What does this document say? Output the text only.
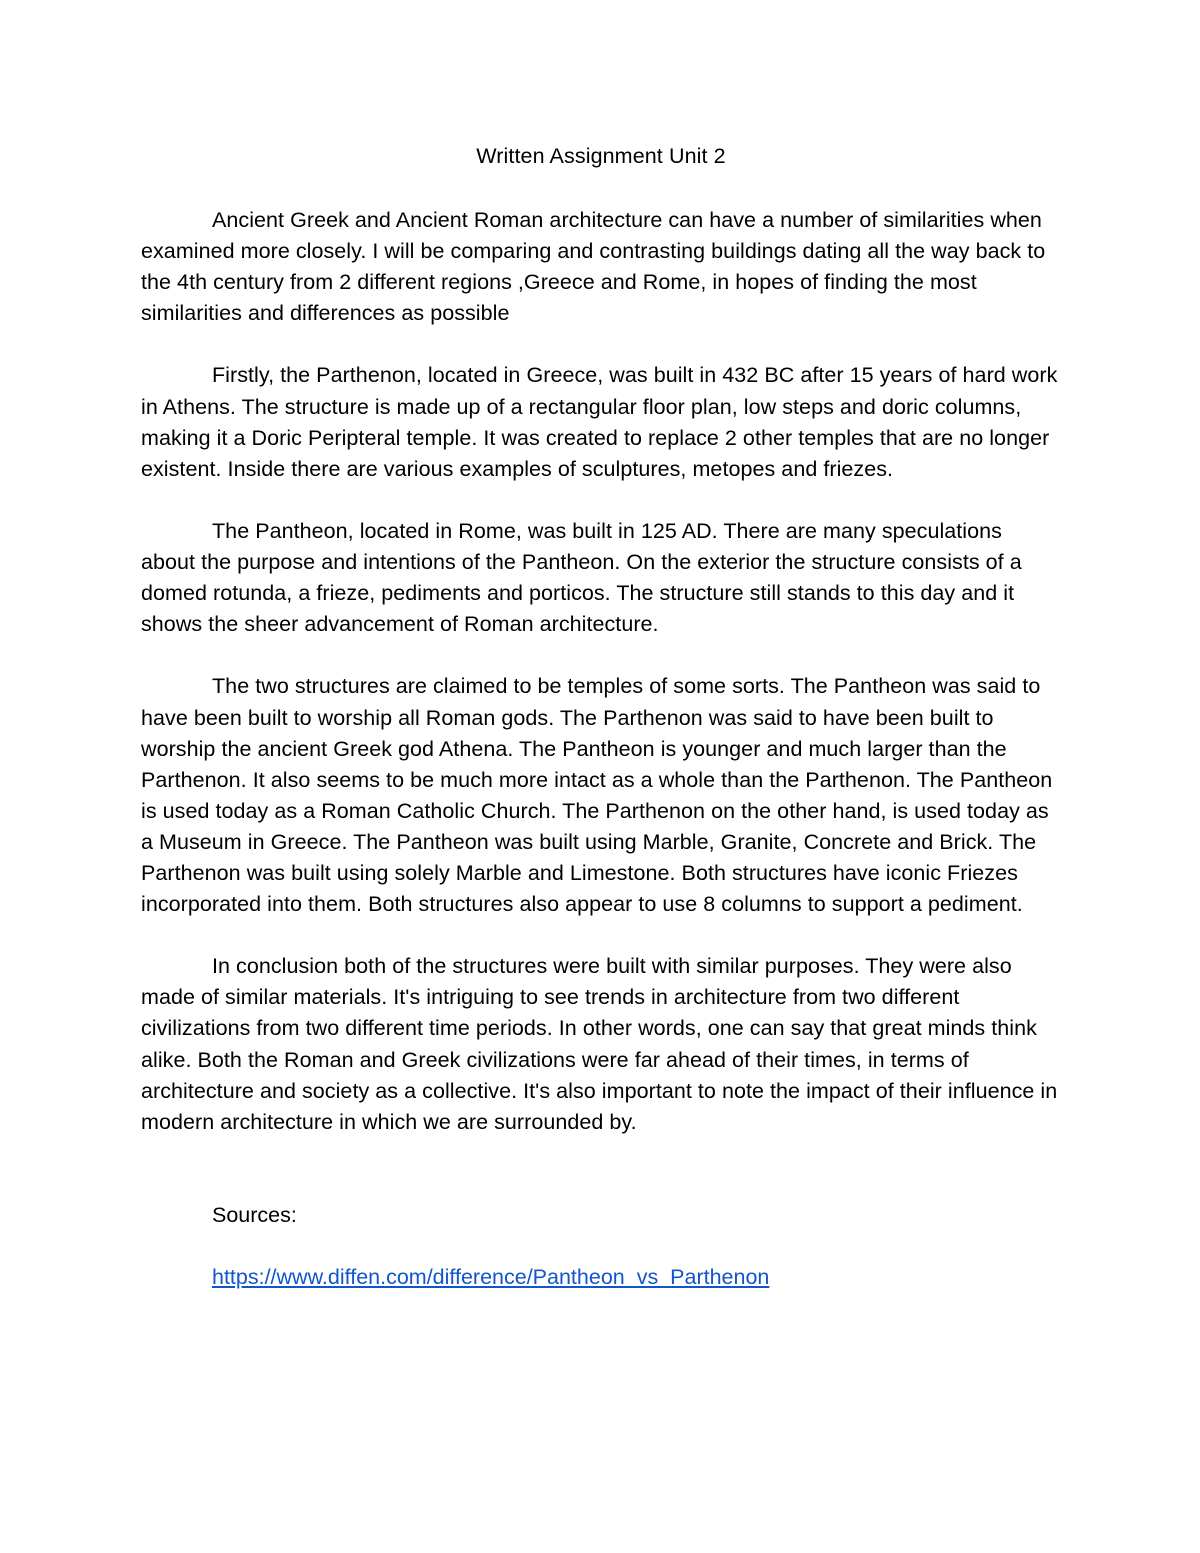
Written Assignment Unit 2

Ancient Greek and Ancient Roman architecture can have a number of similarities when examined more closely. I will be comparing and contrasting buildings dating all the way back to the 4th century from 2 different regions ,Greece and Rome, in hopes of finding the most similarities and differences as possible

Firstly, the Parthenon, located in Greece, was built in 432 BC after 15 years of hard work in Athens. The structure is made up of a rectangular floor plan, low steps and doric columns, making it a Doric Peripteral temple. It was created to replace 2 other temples that are no longer existent. Inside there are various examples of sculptures, metopes and friezes.

The Pantheon, located in Rome, was built in 125 AD. There are many speculations about the purpose and intentions of the Pantheon. On the exterior the structure consists of a domed rotunda, a frieze, pediments and porticos. The structure still stands to this day and it shows the sheer advancement of Roman architecture.

The two structures are claimed to be temples of some sorts. The Pantheon was said to have been built to worship all Roman gods. The Parthenon was said to have been built to worship the ancient Greek god Athena. The Pantheon is younger and much larger than the Parthenon. It also seems to be much more intact as a whole than the Parthenon. The Pantheon is used today as a Roman Catholic Church. The Parthenon on the other hand, is used today as a Museum in Greece. The Pantheon was built using Marble, Granite, Concrete and Brick. The Parthenon was built using solely Marble and Limestone. Both structures have iconic Friezes incorporated into them. Both structures also appear to use 8 columns to support a pediment.

In conclusion both of the structures were built with similar purposes. They were also made of similar materials. It's intriguing to see trends in architecture from two different civilizations from two different time periods. In other words, one can say that great minds think alike. Both the Roman and Greek civilizations were far ahead of their times, in terms of architecture and society as a collective. It's also important to note the impact of their influence in modern architecture in which we are surrounded by.

Sources:
https://www.diffen.com/difference/Pantheon_vs_Parthenon
